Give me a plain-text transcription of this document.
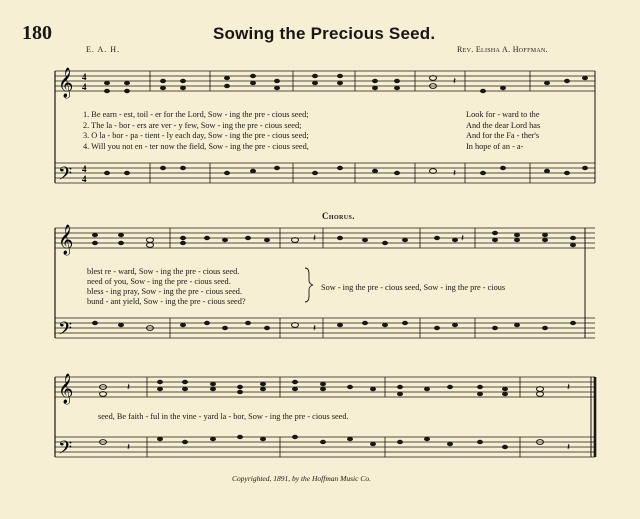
180	Sowing the Precious Seed.
E. A. H.	Rev. Elisha A. Hoffman.
𝄞
𝄢
4
4
4
4
𝄽
𝄽
𝄞
𝄢
𝄽
𝄽
𝄽
𝄞
𝄢
𝄽
𝄽
𝄽
𝄽
1. Be earn - est, toil - er for the Lord, Sow - ing the pre - cious seed;
2. The la - bor - ers are ver - y few, Sow - ing the pre - cious seed;
3. O la - bor - pa - tient - ly each day, Sow - ing the pre - cious seed;
4. Will you not en - ter now the field, Sow - ing the pre - cious seed,
Look for - ward to the
And the dear Lord has
And for the Fa - ther's
In hope of an - a-
Chorus.
blest re - ward, Sow - ing the pre - cious seed.
need of you, Sow - ing the pre - cious seed.
bless - ing pray, Sow - ing the pre - cious seed.
bund - ant yield, Sow - ing the pre - cious seed?
Sow - ing the pre - cious seed, Sow - ing the pre - cious
seed, Be faith - ful in the vine - yard la - bor, Sow - ing the pre - cious seed.
Copyrighted, 1891, by the Hoffman Music Co.
